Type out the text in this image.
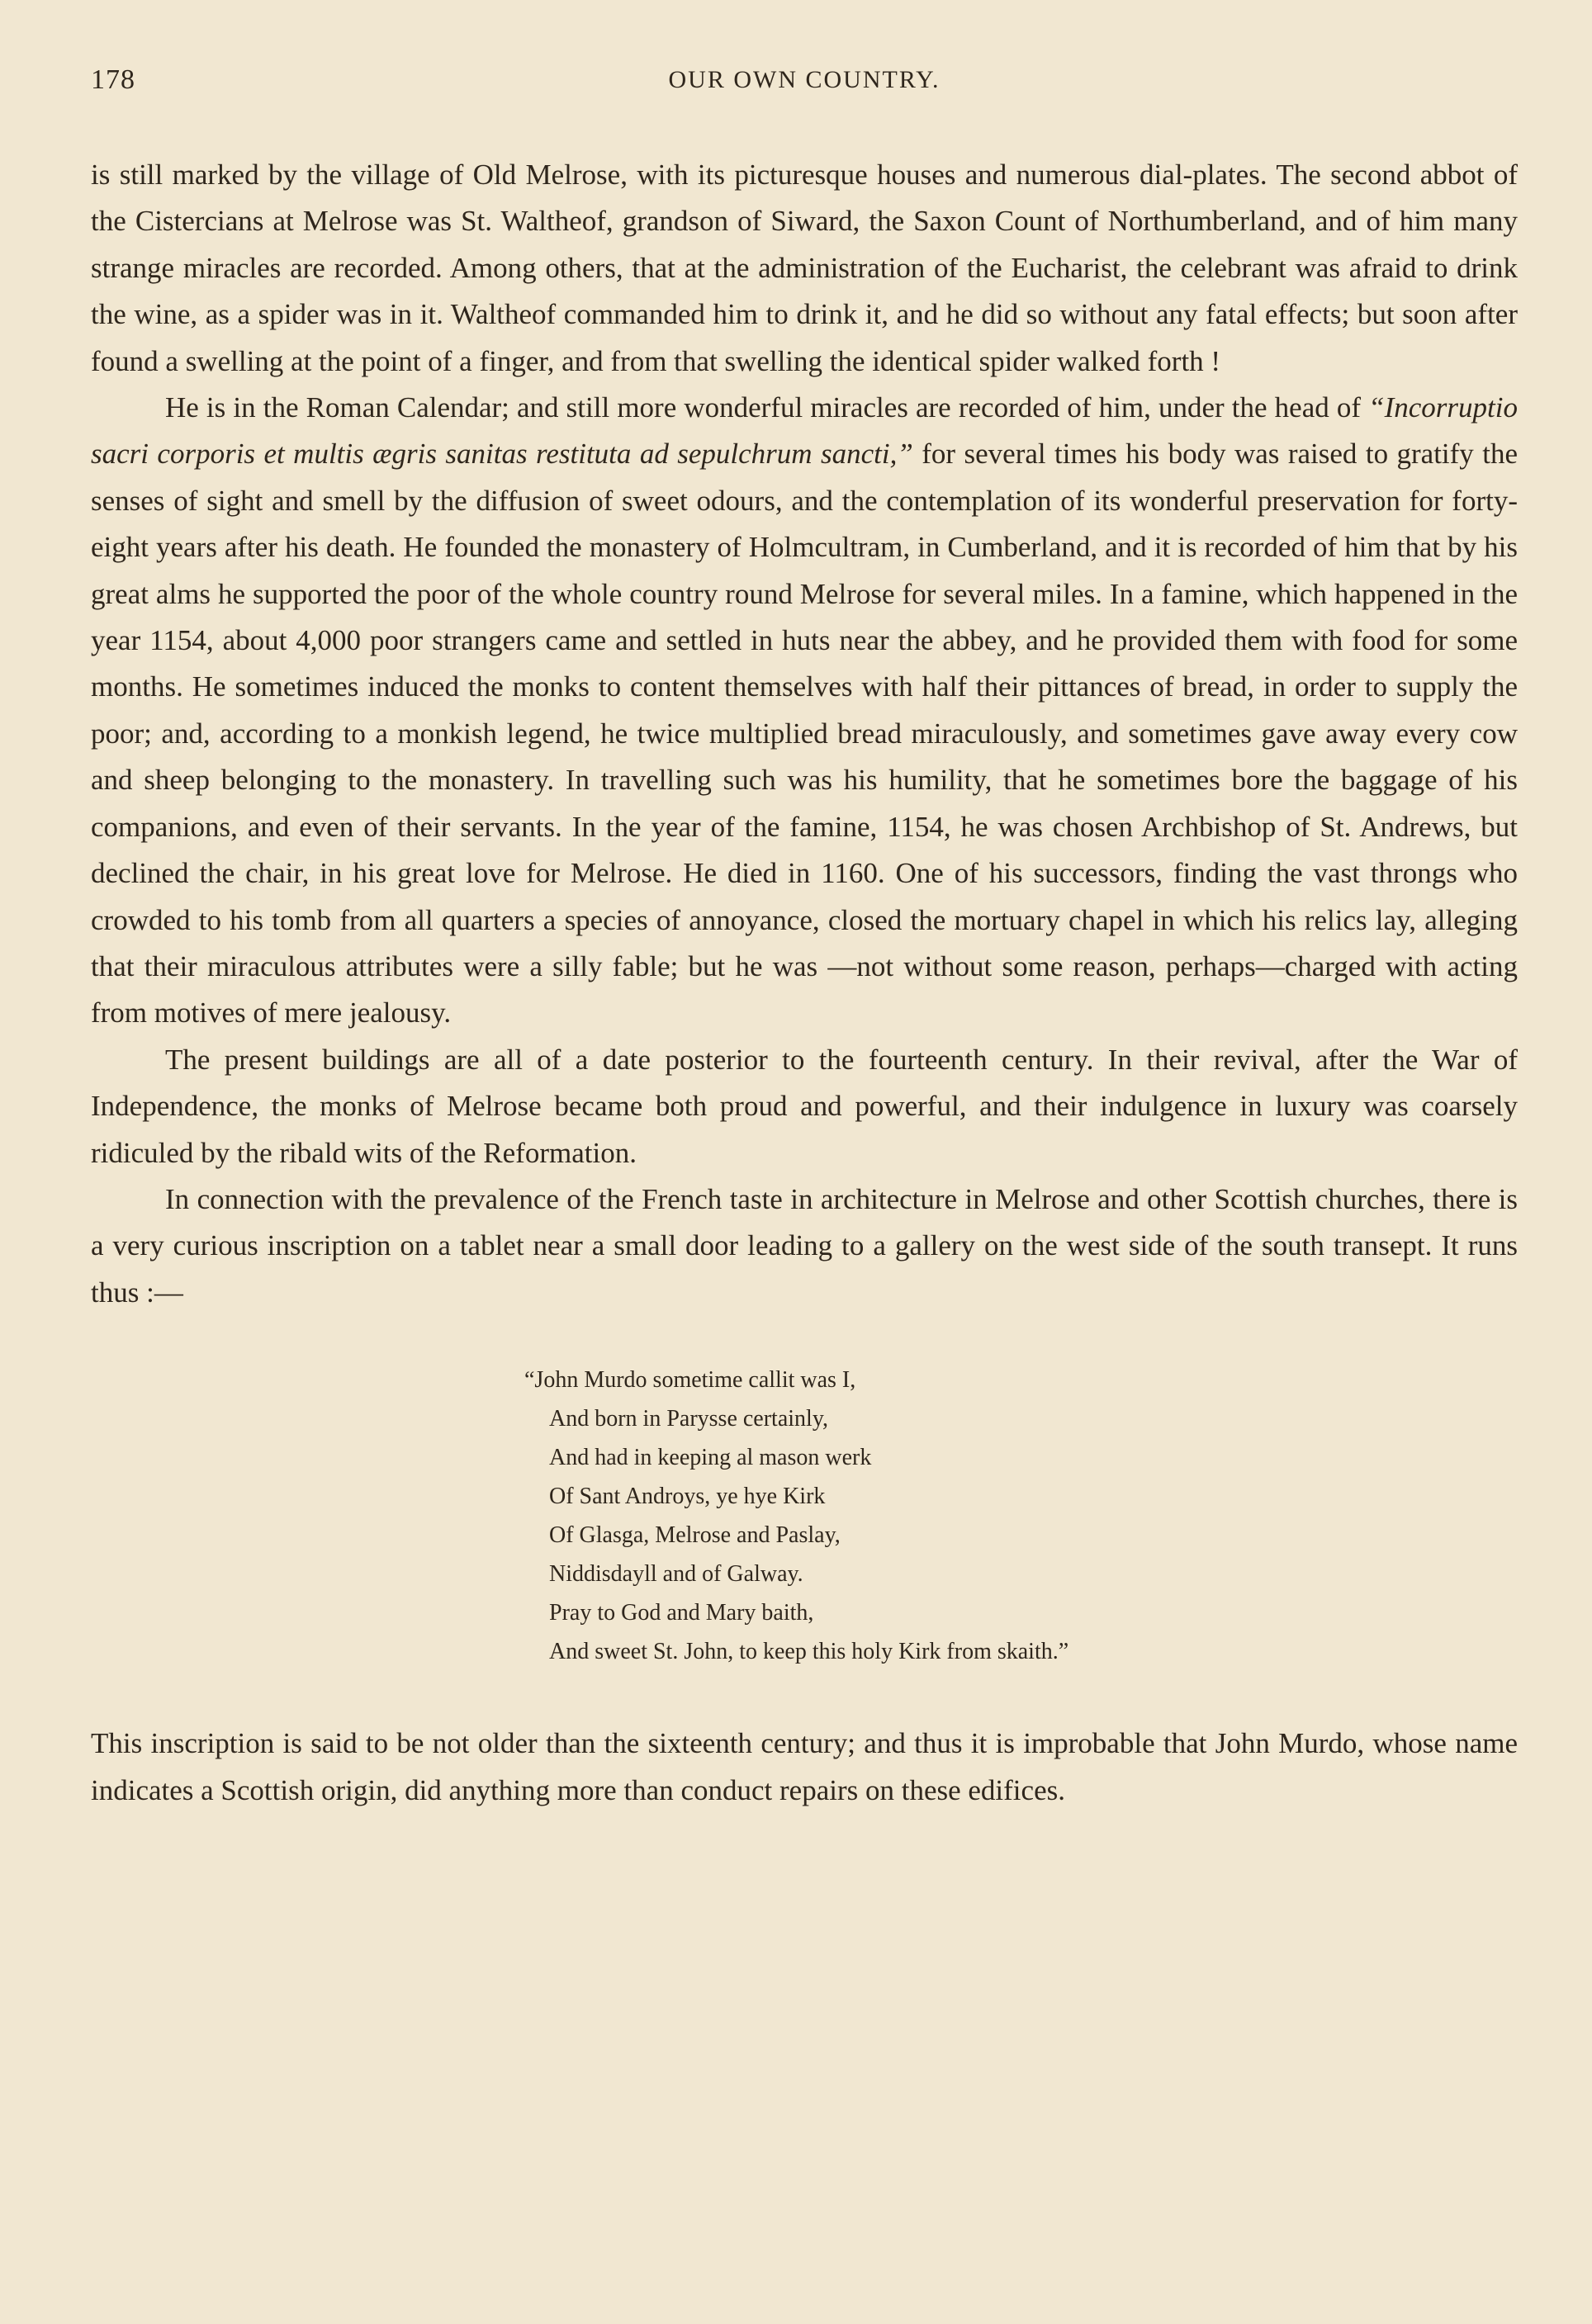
178	OUR OWN COUNTRY.

is still marked by the village of Old Melrose, with its picturesque houses and numerous dial-plates. The second abbot of the Cistercians at Melrose was St. Waltheof, grandson of Siward, the Saxon Count of Northumberland, and of him many strange miracles are recorded. Among others, that at the administration of the Eucharist, the celebrant was afraid to drink the wine, as a spider was in it. Waltheof commanded him to drink it, and he did so without any fatal effects; but soon after found a swelling at the point of a finger, and from that swelling the identical spider walked forth !

He is in the Roman Calendar; and still more wonderful miracles are recorded of him, under the head of “Incorruptio sacri corporis et multis ægris sanitas restituta ad sepulchrum sancti,” for several times his body was raised to gratify the senses of sight and smell by the diffusion of sweet odours, and the contemplation of its wonderful preservation for forty-eight years after his death. He founded the monastery of Holmcultram, in Cumberland, and it is recorded of him that by his great alms he supported the poor of the whole country round Melrose for several miles. In a famine, which happened in the year 1154, about 4,000 poor strangers came and settled in huts near the abbey, and he provided them with food for some months. He sometimes induced the monks to content themselves with half their pittances of bread, in order to supply the poor; and, according to a monkish legend, he twice multiplied bread miraculously, and sometimes gave away every cow and sheep belonging to the monastery. In travelling such was his humility, that he sometimes bore the baggage of his companions, and even of their servants. In the year of the famine, 1154, he was chosen Archbishop of St. Andrews, but declined the chair, in his great love for Melrose. He died in 1160. One of his successors, finding the vast throngs who crowded to his tomb from all quarters a species of annoyance, closed the mortuary chapel in which his relics lay, alleging that their miraculous attributes were a silly fable; but he was —not without some reason, perhaps—charged with acting from motives of mere jealousy.

The present buildings are all of a date posterior to the fourteenth century. In their revival, after the War of Independence, the monks of Melrose became both proud and powerful, and their indulgence in luxury was coarsely ridiculed by the ribald wits of the Reformation.

In connection with the prevalence of the French taste in architecture in Melrose and other Scottish churches, there is a very curious inscription on a tablet near a small door leading to a gallery on the west side of the south transept. It runs thus :—

“John Murdo sometime callit was I,
And born in Parysse certainly,
And had in keeping al mason werk
Of Sant Androys, ye hye Kirk
Of Glasga, Melrose and Paslay,
Niddisdayll and of Galway.
Pray to God and Mary baith,
And sweet St. John, to keep this holy Kirk from skaith.”

This inscription is said to be not older than the sixteenth century; and thus it is improbable that John Murdo, whose name indicates a Scottish origin, did anything more than conduct repairs on these edifices.
